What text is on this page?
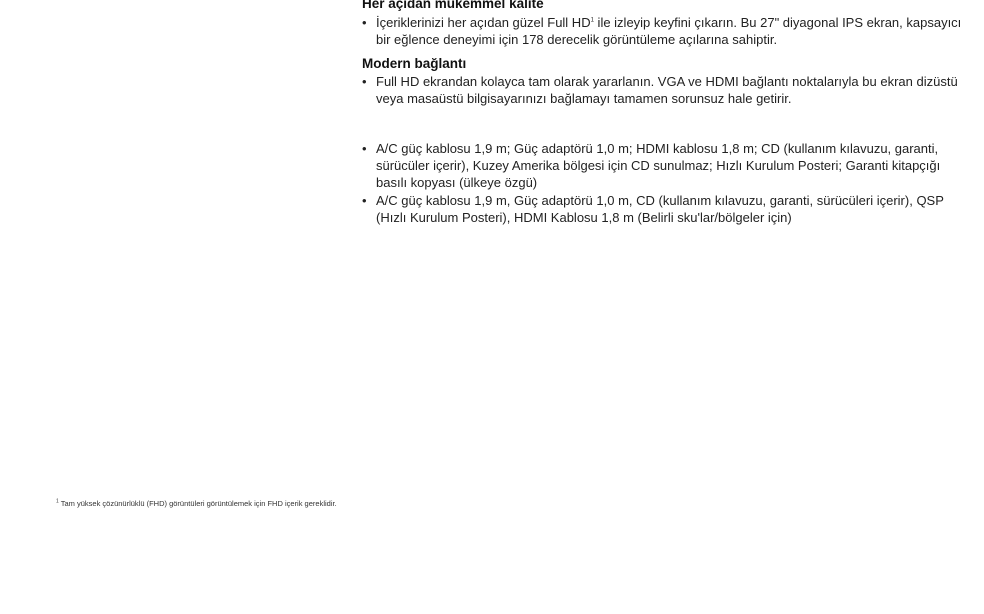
Her açıdan mükemmel kalite
• İçeriklerinizi her açıdan güzel Full $HD^1$ ile izleyip keyfini çıkarın. Bu 27" diyagonal IPS ekran, kapsayıcı bir eğlence deneyimi için 178 derecelik görüntüleme açılarına sahiptir.
Modern bağlantı
• Full HD ekrandan kolayca tam olarak yararlanın. VGA ve HDMI bağlantı noktalarıyla bu ekran dizüstü veya masaüstü bilgisayarınızı bağlamayı tamamen sorunsuz hale getirir.
• A/C güç kablosu 1,9 m; Güç adaptörü 1,0 m; HDMI kablosu 1,8 m; CD (kullanım kılavuzu, garanti, sürücüler içerir), Kuzey Amerika bölgesi için CD sunulmaz; Hızlı Kurulum Posteri; Garanti kitapçığı basılı kopyası (ülkeye özgü)
• A/C güç kablosu 1,9 m, Güç adaptörü 1,0 m, CD (kullanım kılavuzu, garanti, sürücüleri içerir), QSP (Hızlı Kurulum Posteri), HDMI Kablosu 1,8 m (Belirli sku'lar/bölgeler için)
$^1$ Tam yüksek çözünürlüklü (FHD) görüntüleri görüntülemek için FHD içerik gereklidir.
